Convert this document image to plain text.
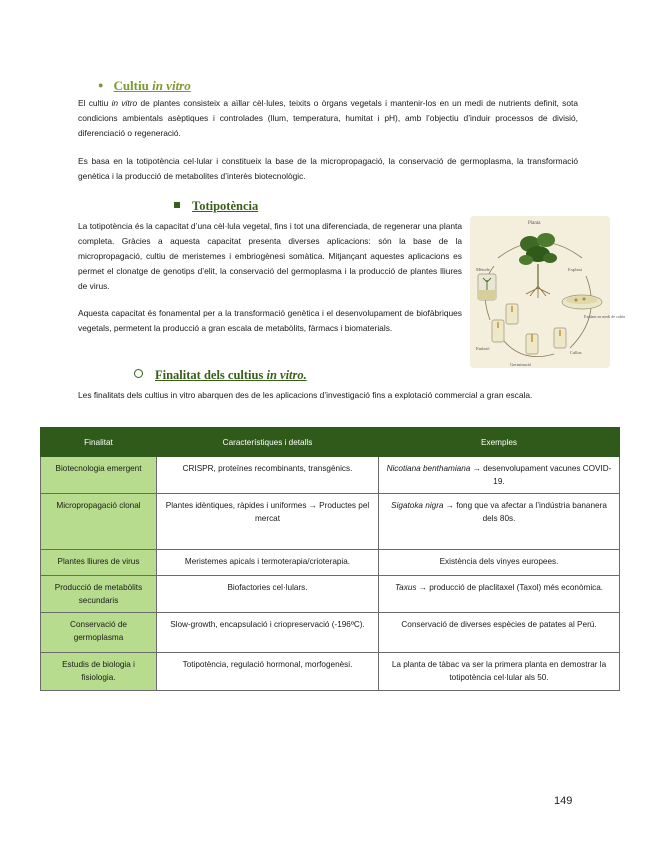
● Cultiu in vitro
El cultiu in vitro de plantes consisteix a aïllar cèl·lules, teixits o òrgans vegetals i mantenir-los en un medi de nutrients definit, sota condicions ambientals asèptiques i controlades (llum, temperatura, humitat i pH), amb l’objectiu d’induir processos de divisió, diferenciació o regeneració.
Es basa en la totipotència cel·lular i constitueix la base de la micropropagació, la conservació de germoplasma, la transformació genètica i la producció de metabolites d’interès biotecnològic.
Totipotència
La totipotència és la capacitat d’una cèl·lula vegetal, fins i tot una diferenciada, de regenerar una planta completa. Gràcies a aquesta capacitat presenta diverses aplicacions: són la base de la micropropagació, cultiu de meristemes i embriogènesi somàtica. Mitjançant aquestes aplicacions es permet el clonatge de genotips d’elit, la conservació del germoplasma i la producció de plantes lliures de virus.
Aquesta capacitat és fonamental per a la transformació genètica i el desenvolupament de biofàbriques vegetals, permetent la producció a gran escala de metabòlits, fàrmacs i biomaterials.
Planta
Mètode	Explant
Explant en medi de cultiu
Embrió
Germinació
Callus
Finalitat dels cultius in vitro.
Les finalitats dels cultius in vitro abarquen des de les aplicacions d’investigació fins a explotació commercial a gran escala.
Finalitat	Característiques i detalls	Exemples
Biotecnologia emergent	CRISPR, proteïnes recombinants, transgènics.	Nicotiana benthamiana → desenvolupament vacunes COVID-19.
Micropropagació clonal	Plantes idèntiques, ràpides i uniformes → Productes pel mercat	Sigatoka nigra → fong que va afectar a l’indústria bananera dels 80s.
Plantes lliures de virus	Meristemes apicals i termoterapia/crioterapia.	Existència dels vinyes europees.
Producció de metabòlits secundaris	Biofactories cel·lulars.	Taxus → producció de placlitaxel (Taxol) més econòmica.
Conservació de germoplasma	Slow-growth, encapsulació i criopreservació (-196ºC).	Conservació de diverses espècies de patates al Perú.
Estudis de biologia i fisiologia.	Totipotència, regulació hormonal, morfogenèsi.	La planta de tàbac va ser la primera planta en demostrar la totipotència cel·lular als 50.
149
